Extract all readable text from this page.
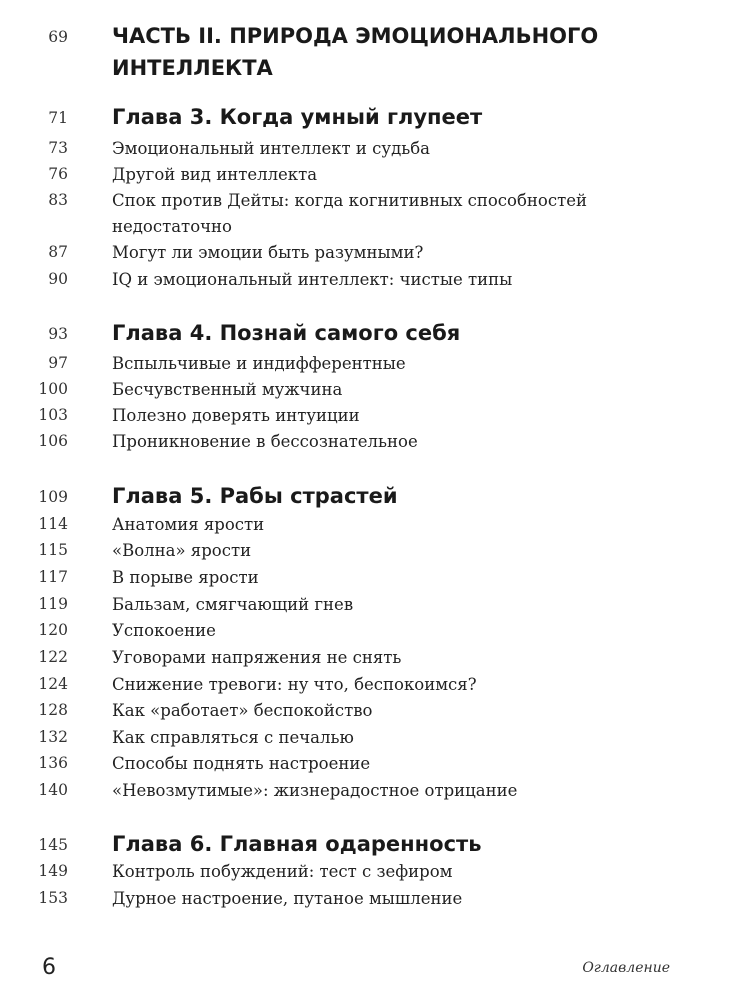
69 ЧАСТЬ II. ПРИРОДА ЭМОЦИОНАЛЬНОГО ИНТЕЛЛЕКТА
71 Глава 3. Когда умный глупеет
73	Эмоциональный интеллект и судьба
76	Другой вид интеллекта
83	Спок против Дейты: когда когнитивных способностей недостаточно
87	Могут ли эмоции быть разумными?
90	IQ и эмоциональный интеллект: чистые типы
93 Глава 4. Познай самого себя
97	Вспыльчивые и индифферентные
100	Бесчувственный мужчина
103	Полезно доверять интуиции
106	Проникновение в бессознательное
109 Глава 5. Рабы страстей
114	Анатомия ярости
115	«Волна» ярости
117	В порыве ярости
119	Бальзам, смягчающий гнев
120	Успокоение
122	Уговорами напряжения не снять
124	Снижение тревоги: ну что, беспокоимся?
128	Как «работает» беспокойство
132	Как справляться с печалью
136	Способы поднять настроение
140	«Невозмутимые»: жизнерадостное отрицание
145 Глава 6. Главная одаренность
149	Контроль побуждений: тест с зефиром
153	Дурное настроение, путаное мышление
6	Оглавление
